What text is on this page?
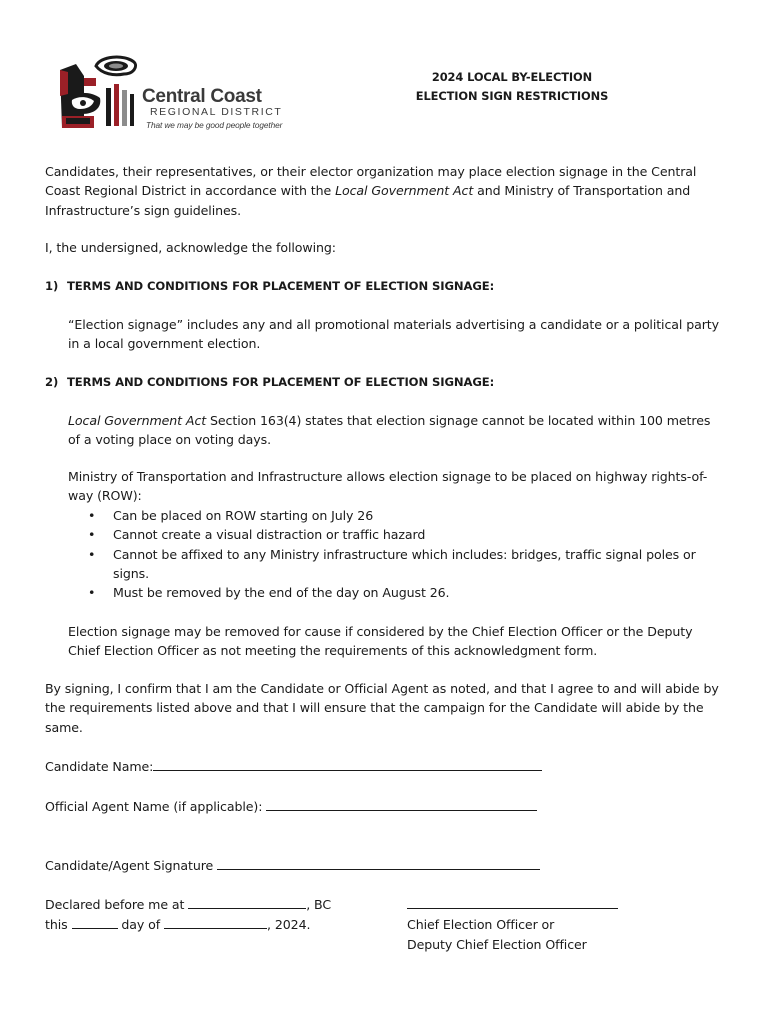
Central Coast
REGIONAL DISTRICT
That we may be good people together
2024 LOCAL BY-ELECTION
ELECTION SIGN RESTRICTIONS

Candidates, their representatives, or their elector organization may place election signage in the Central Coast Regional District in accordance with the Local Government Act and Ministry of Transportation and Infrastructure’s sign guidelines.

I, the undersigned, acknowledge the following:

1) TERMS AND CONDITIONS FOR PLACEMENT OF ELECTION SIGNAGE:

“Election signage” includes any and all promotional materials advertising a candidate or a political party in a local government election.

2) TERMS AND CONDITIONS FOR PLACEMENT OF ELECTION SIGNAGE:

Local Government Act Section 163(4) states that election signage cannot be located within 100 metres of a voting place on voting days.

Ministry of Transportation and Infrastructure allows election signage to be placed on highway rights-of-way (ROW):

• Can be placed on ROW starting on July 26
• Cannot create a visual distraction or traffic hazard
• Cannot be affixed to any Ministry infrastructure which includes: bridges, traffic signal poles or signs.
• Must be removed by the end of the day on August 26.

Election signage may be removed for cause if considered by the Chief Election Officer or the Deputy Chief Election Officer as not meeting the requirements of this acknowledgment form.

By signing, I confirm that I am the Candidate or Official Agent as noted, and that I agree to and will abide by the requirements listed above and that I will ensure that the campaign for the Candidate will abide by the same.

Candidate Name:
Official Agent Name (if applicable):
Candidate/Agent Signature
Declared before me at	, BC
this	day of	, 2024.	Chief Election Officer or
Deputy Chief Election Officer
